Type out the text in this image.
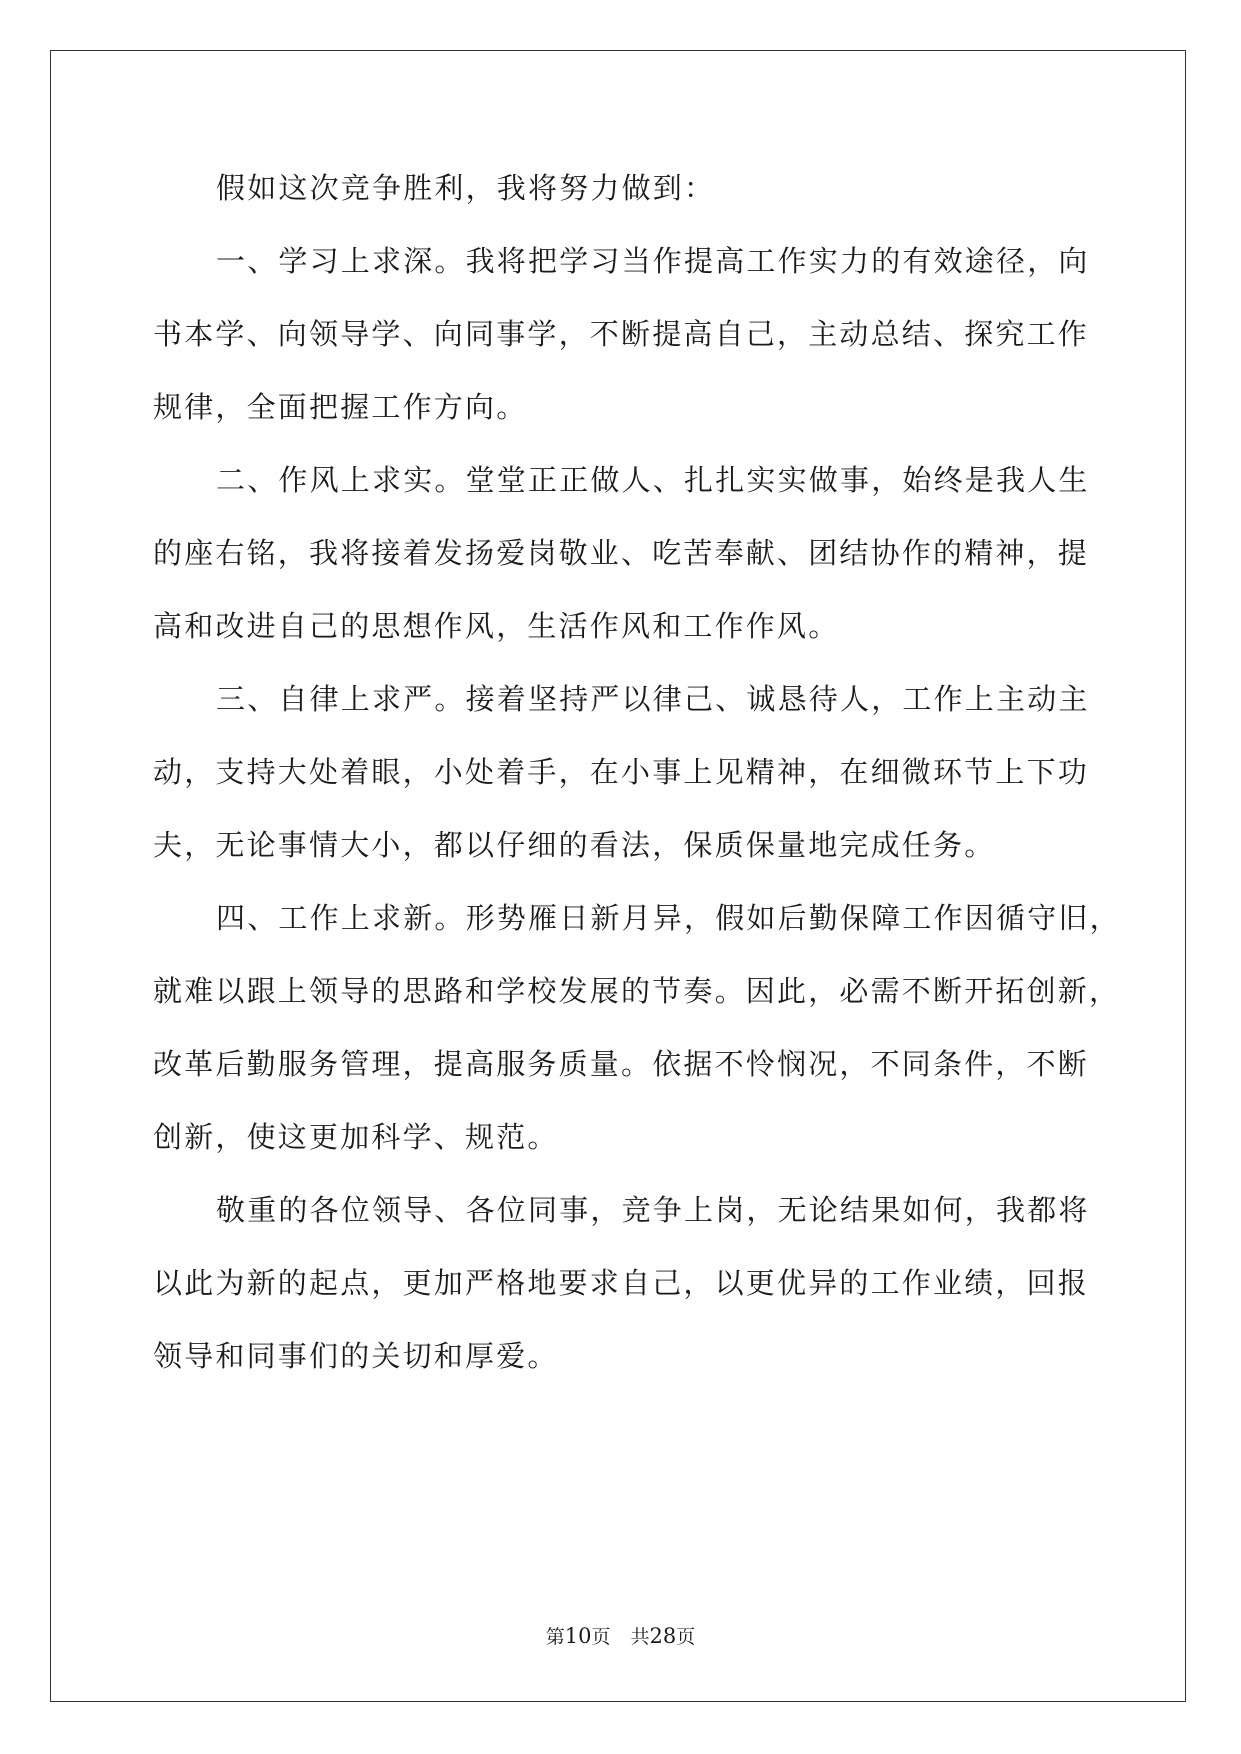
假如这次竞争胜利，我将努力做到：
一、学习上求深。我将把学习当作提高工作实力的有效途径，向
书本学、向领导学、向同事学，不断提高自己，主动总结、探究工作
规律，全面把握工作方向。
二、作风上求实。堂堂正正做人、扎扎实实做事，始终是我人生
的座右铭，我将接着发扬爱岗敬业、吃苦奉献、团结协作的精神，提
高和改进自己的思想作风，生活作风和工作作风。
三、自律上求严。接着坚持严以律己、诚恳待人，工作上主动主
动，支持大处着眼，小处着手，在小事上见精神，在细微环节上下功
夫，无论事情大小，都以仔细的看法，保质保量地完成任务。
四、工作上求新。形势雁日新月异，假如后勤保障工作因循守旧，
就难以跟上领导的思路和学校发展的节奏。因此，必需不断开拓创新，
改革后勤服务管理，提高服务质量。依据不怜悯况，不同条件，不断
创新，使这更加科学、规范。
敬重的各位领导、各位同事，竞争上岗，无论结果如何，我都将
以此为新的起点，更加严格地要求自己，以更优异的工作业绩，回报
领导和同事们的关切和厚爱。
第10页 共28页
